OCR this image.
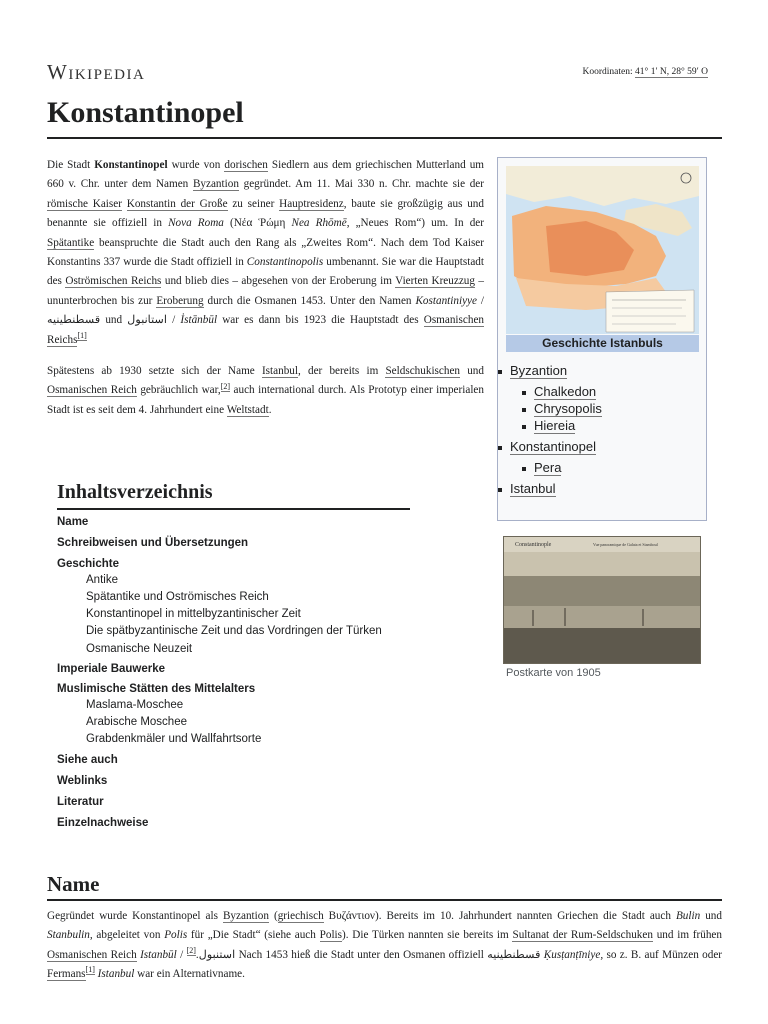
Wikipedia	Koordinaten: 41° 1′ N, 28° 59′ O
Konstantinopel

Die Stadt Konstantinopel wurde von dorischen Siedlern aus dem griechischen Mutterland um 660 v. Chr. unter dem Namen Byzantion gegründet. Am 11. Mai 330 n. Chr. machte sie der römische Kaiser Konstantin der Große zu seiner Hauptresidenz, baute sie großzügig aus und benannte sie offiziell in Nova Roma (Νέα Ῥώμη Nea Rhōmē, „Neues Rom“) um. In der Spätantike beanspruchte die Stadt auch den Rang als „Zweites Rom“. Nach dem Tod Kaiser Konstantins 337 wurde die Stadt offiziell in Constantinopolis umbenannt. Sie war die Hauptstadt des Oströmischen Reichs und blieb dies – abgesehen von der Eroberung im Vierten Kreuzzug – ununterbrochen bis zur Eroberung durch die Osmanen 1453. Unter den Namen Kostantiniyye / قسطنطينيه und استانبول / İstānbūl war es dann bis 1923 die Hauptstadt des Osmanischen Reichs[1]

Spätestens ab 1930 setzte sich der Name Istanbul, der bereits im Seldschukischen und Osmanischen Reich gebräuchlich war,[2] auch international durch. Als Prototyp einer imperialen Stadt ist es seit dem 4. Jahrhundert eine Weltstadt.

Geschichte Istanbuls
Byzantion
Chalkedon
Chrysopolis
Hiereia
Konstantinopel
Pera
Istanbul
Constantinople	Vue panoramique de Galata et Stamboul
Postkarte von 1905
Inhaltsverzeichnis
Name
Schreibweisen und Übersetzungen
Geschichte
Antike
Spätantike und Oströmisches Reich
Konstantinopel in mittelbyzantinischer Zeit
Die spätbyzantinische Zeit und das Vordringen der Türken
Osmanische Neuzeit
Imperiale Bauwerke
Muslimische Stätten des Mittelalters
Maslama-Moschee
Arabische Moschee
Grabdenkmäler und Wallfahrtsorte
Siehe auch
Weblinks
Literatur
Einzelnachweise
Name

Gegründet wurde Konstantinopel als Byzantion (griechisch Βυζάντιον). Bereits im 10. Jahrhundert nannten Griechen die Stadt auch Bulin und Stanbulin, abgeleitet von Polis für „Die Stadt“ (siehe auch Polis). Die Türken nannten sie bereits im Sultanat der Rum-Seldschuken und im frühen Osmanischen Reich Istanbūl / استنبول.[2]	Nach 1453 hieß die Stadt unter den Osmanen offiziell قسطنطينيه Ḳusṭanṭīniye, so z. B. auf Münzen oder Fermans[1] Istanbul war ein Alternativname.
